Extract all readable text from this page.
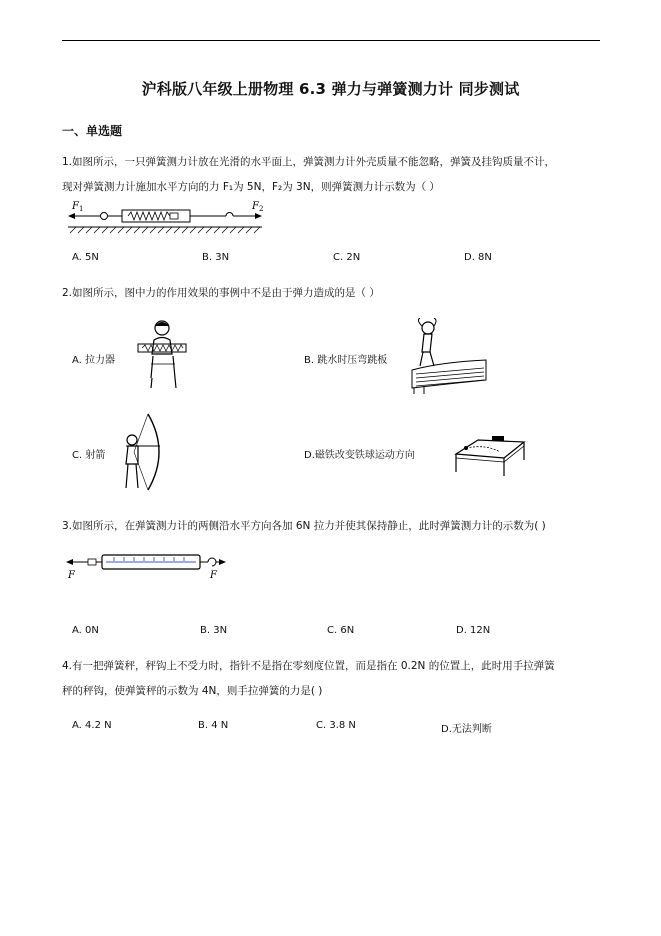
沪科版八年级上册物理 6.3 弹力与弹簧测力计 同步测试
一、单选题
1.如图所示，一只弹簧测力计放在光滑的水平面上，弹簧测力计外壳质量不能忽略，弹簧及挂钩质量不计，
现对弹簧测力计施加水平方向的力 F₁为 5N，F₂为 3N，则弹簧测力计示数为（ ）
F 1	F 2
A. 5N	B. 3N	C. 2N	D. 8N
2.如图所示，图中力的作用效果的事例中不是由于弹力造成的是（ ）
A. 拉力器	B. 跳水时压弯跳板
C. 射箭	D.磁铁改变铁球运动方向
3.如图所示，在弹簧测力计的两侧沿水平方向各加 6N 拉力并使其保持静止，此时弹簧测力计的示数为( )
F	F
A. 0N	B. 3N	C. 6N	D. 12N
4.有一把弹簧秤，秤钩上不受力时，指针不是指在零刻度位置，而是指在 0.2N 的位置上，此时用手拉弹簧
秤的秤钩，使弹簧秤的示数为 4N，则手拉弹簧的力是( )
A. 4.2 N	B. 4 N	C. 3.8 N	D.无法判断
